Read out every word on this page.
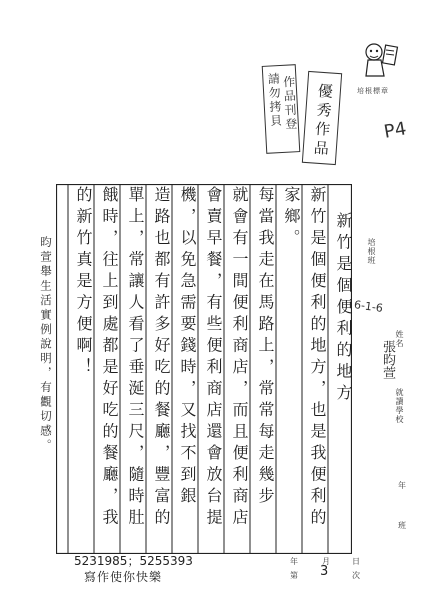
培根標章
請勿拷貝
作品刊登 優秀作品	P4
培根班
6-1-6
姓名
張昀萱
就讀學校
年
班
新竹是個便利的地方
新竹是個便利的地方，也是我便利的
家鄉。
每當我走在馬路上，常常每走幾步
就會有一間便利商店，而且便利商店
會賣早餐，有些便利商店還會放台提
機，以免急需要錢時，又找不到銀
造路也都有許多好吃的餐廳，豐富的
單上，常讓人看了垂涎三尺，隨時肚
餓時，往上到處都是好吃的餐廳，我
的新竹真是方便啊！
昀萱舉生活實例說明，有觀切感。
5231985；5255393
寫作使你快樂
年	月	日
第 3	次
